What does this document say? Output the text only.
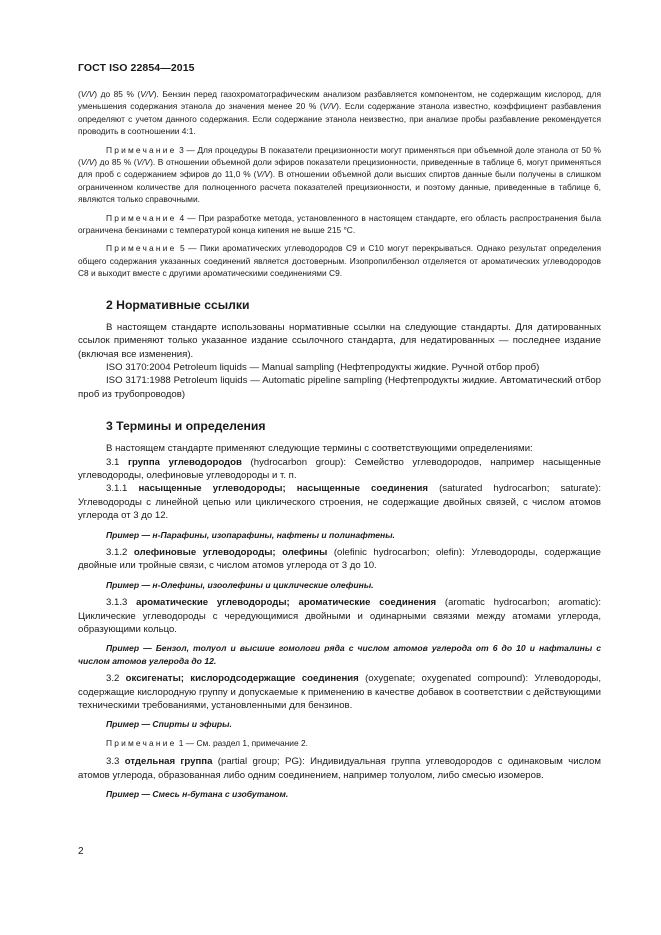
ГОСТ ISO 22854—2015

(V/V) до 85 % (V/V). Бензин перед газохроматографическим анализом разбавляется компонентом, не содержащим кислород, для уменьшения содержания этанола до значения менее 20 % (V/V). Если содержание этанола известно, коэффициент разбавления определяют с учетом данного содержания. Если содержание этанола неизвестно, при анализе пробы разбавление рекомендуется проводить в соотношении 4:1.

Примечание 3 — Для процедуры В показатели прецизионности могут применяться при объемной доле этанола от 50 % (V/V) до 85 % (V/V). В отношении объемной доли эфиров показатели прецизионности, приведенные в таблице 6, могут применяться для проб с содержанием эфиров до 11,0 % (V/V). В отношении объемной доли высших спиртов данные были получены в слишком ограниченном количестве для полноценного расчета показателей прецизионности, и поэтому данные, приведенные в таблице 6, являются только справочными.

Примечание 4 — При разработке метода, установленного в настоящем стандарте, его область распространения была ограничена бензинами с температурой конца кипения не выше 215 °С.

Примечание 5 — Пики ароматических углеводородов С9 и С10 могут перекрываться. Однако результат определения общего содержания указанных соединений является достоверным. Изопропилбензол отделяется от ароматических углеводородов С8 и выходит вместе с другими ароматическими соединениями С9.

2 Нормативные ссылки

В настоящем стандарте использованы нормативные ссылки на следующие стандарты. Для датированных ссылок применяют только указанное издание ссылочного стандарта, для недатированных — последнее издание (включая все изменения).

ISO 3170:2004 Petroleum liquids — Manual sampling (Нефтепродукты жидкие. Ручной отбор проб)

ISO 3171:1988 Petroleum liquids — Automatic pipeline sampling (Нефтепродукты жидкие. Автоматический отбор проб из трубопроводов)

3 Термины и определения

В настоящем стандарте применяют следующие термины с соответствующими определениями:

3.1 группа углеводородов (hydrocarbon group): Семейство углеводородов, например насыщенные углеводороды, олефиновые углеводороды и т. п.

3.1.1 насыщенные углеводороды; насыщенные соединения (saturated hydrocarbon; saturate): Углеводороды с линейной цепью или циклического строения, не содержащие двойных связей, с числом атомов углерода от 3 до 12.

Пример — н-Парафины, изопарафины, нафтены и полинафтены.

3.1.2 олефиновые углеводороды; олефины (olefinic hydrocarbon; olefin): Углеводороды, содержащие двойные или тройные связи, с числом атомов углерода от 3 до 10.

Пример — н-Олефины, изоолефины и циклические олефины.

3.1.3 ароматические углеводороды; ароматические соединения (aromatic hydrocarbon; aromatic): Циклические углеводороды с чередующимися двойными и одинарными связями между атомами углерода, образующими кольцо.

Пример — Бензол, толуол и высшие гомологи ряда с числом атомов углерода от 6 до 10 и нафталины с числом атомов углерода до 12.

3.2 оксигенаты; кислородсодержащие соединения (oxygenate; oxygenated compound): Углеводороды, содержащие кислородную группу и допускаемые к применению в качестве добавок в соответствии с действующими техническими требованиями, установленными для бензинов.

Пример — Спирты и эфиры.

Примечание 1 — См. раздел 1, примечание 2.

3.3 отдельная группа (partial group; PG): Индивидуальная группа углеводородов с одинаковым числом атомов углерода, образованная либо одним соединением, например толуолом, либо смесью изомеров.

Пример — Смесь н-бутана с изобутаном.

2
